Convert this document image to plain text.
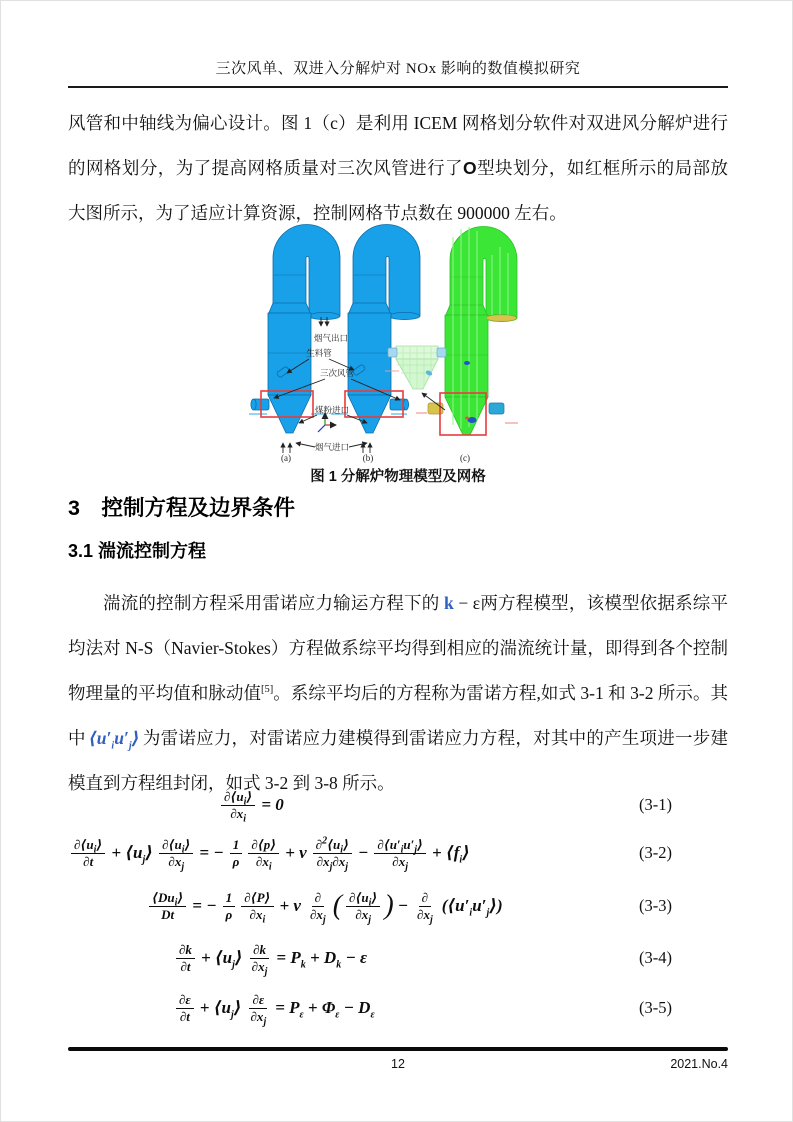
三次风单、双进入分解炉对 NOx 影响的数值模拟研究

风管和中轴线为偏心设计。图 1（c）是利用 ICEM 网格划分软件对双进风分解炉进行的网格划分，为了提高网格质量对三次风管进行了O型块划分，如红框所示的局部放大图所示，为了适应计算资源，控制网格节点数在 900000 左右。

烟气出口
生料管
三次风管
煤粉进口
烟气进口
(a)	(b)	(c)
图 1 分解炉物理模型及网格
3　控制方程及边界条件
3.1 湍流控制方程

湍流的控制方程采用雷诺应力输运方程下的 k − ε两方程模型，该模型依据系综平均法对 N-S（Navier-Stokes）方程做系综平均得到相应的湍流统计量，即得到各个控制物理量的平均值和脉动值[5]。系综平均后的方程称为雷诺方程,如式 3-1 和 3-2 所示。其中 $⟨u'_iu'_j⟩$ 为雷诺应力，对雷诺应力建模得到雷诺应力方程，对其中的产生项进一步建模直到方程组封闭，如式 3-2 到 3-8 所示。

$\frac{\partial⟨u_i⟩}{\partial x_i} = 0$	(3-1)
$\frac{\partial⟨u_i⟩}{\partial t}$ + $⟨u_j⟩ \frac{\partial⟨u_i⟩}{\partial x_j}$ = − $\frac{1}{\rho} \frac{\partial⟨p⟩}{\partial x_i} + \nu \frac{\partial^2⟨u_i⟩}{\partial x_j\partial x_j} - \frac{\partial⟨u'_iu'_j⟩}{\partial x_j}$ + $⟨f_i⟩$	(3-2)
$\frac{⟨Du_i⟩}{Dt}$ = − $\frac{1}{\rho} \frac{\partial⟨P⟩}{\partial x_i} + \nu \frac{\partial}{\partial x_j}$ ( $\frac{\partial⟨u_i⟩}{\partial x_j}$ ) − $\frac{\partial}{\partial x_j}$ $(⟨u'_iu'_j⟩)$	(3-3)
$\frac{\partial k}{\partial t}$ + $⟨u_j⟩ \frac{\partial k}{\partial x_j} = P_k + D_k - \varepsilon$	(3-4)
$\frac{\partial\varepsilon}{\partial t}$ + $⟨u_j⟩ \frac{\partial\varepsilon}{\partial x_j} = P_\varepsilon + \Phi_\varepsilon - D_\varepsilon$	(3-5)
12	2021.No.4
